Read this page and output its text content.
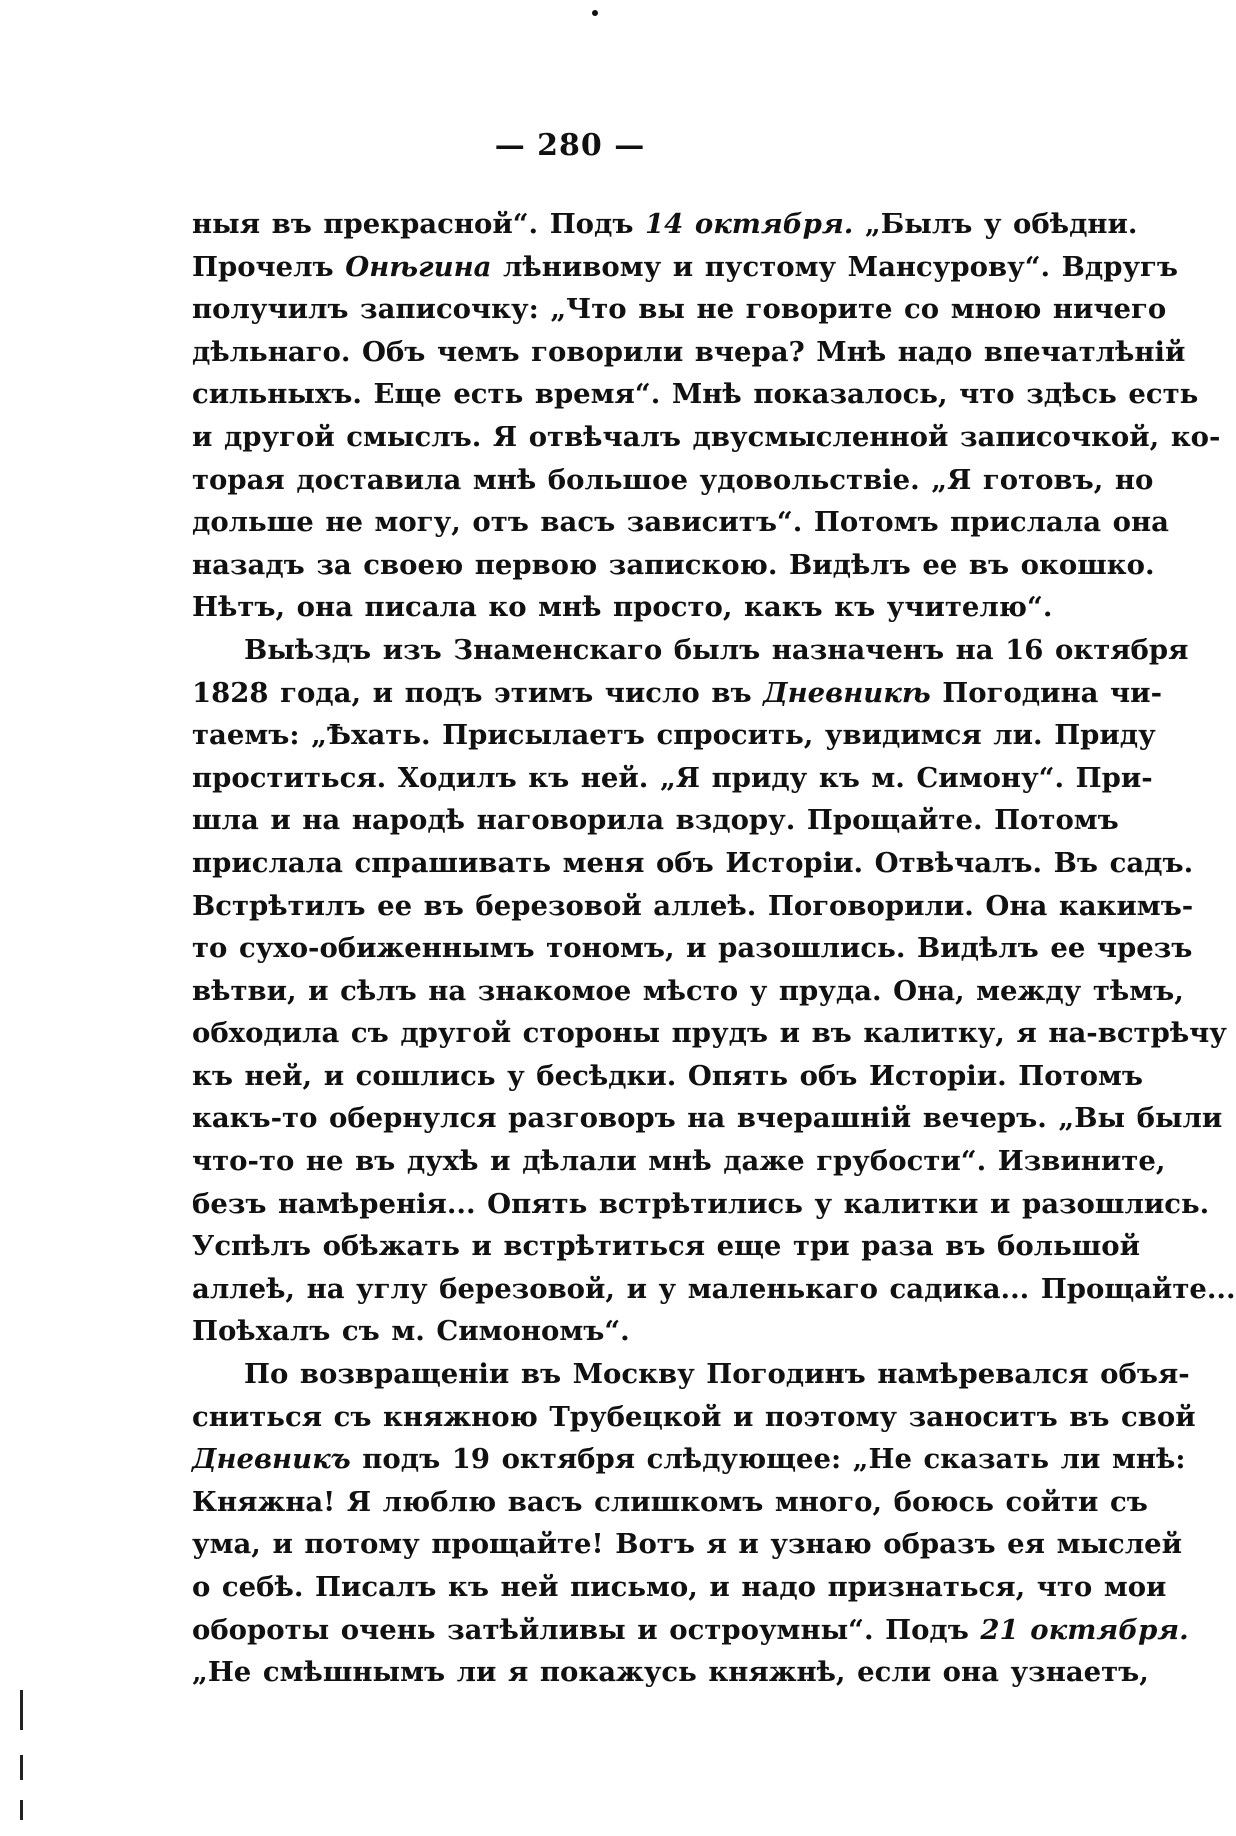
— 280 —
ныя въ прекрасной“. Подъ 14 октября. „Былъ у обѣдни.
Прочелъ Онѣгина лѣнивому и пустому Мансурову“. Вдругъ
получилъ записочку: „Что вы не говорите со мною ничего
дѣльнаго. Объ чемъ говорили вчера? Мнѣ надо впечатлѣній
сильныхъ. Еще есть время“. Мнѣ показалось, что здѣсь есть
и другой смыслъ. Я отвѣчалъ двусмысленной записочкой, ко-
торая доставила мнѣ большое удовольствіе. „Я готовъ, но
дольше не могу, отъ васъ зависитъ“. Потомъ прислала она
назадъ за своею первою запискою. Видѣлъ ее въ окошко.
Нѣтъ, она писала ко мнѣ просто, какъ къ учителю“.
Выѣздъ изъ Знаменскаго былъ назначенъ на 16 октября
1828 года, и подъ этимъ число въ Дневникѣ Погодина чи-
таемъ: „Ѣхать. Присылаетъ спросить, увидимся ли. Приду
проститься. Ходилъ къ ней. „Я приду къ м. Симону“. При-
шла и на народѣ наговорила вздору. Прощайте. Потомъ
прислала спрашивать меня объ Исторіи. Отвѣчалъ. Въ садъ.
Встрѣтилъ ее въ березовой аллеѣ. Поговорили. Она какимъ-
то сухо-обиженнымъ тономъ, и разошлись. Видѣлъ ее чрезъ
вѣтви, и сѣлъ на знакомое мѣсто у пруда. Она, между тѣмъ,
обходила съ другой стороны прудъ и въ калитку, я на-встрѣчу
къ ней, и сошлись у бесѣдки. Опять объ Исторіи. Потомъ
какъ-то обернулся разговоръ на вчерашній вечеръ. „Вы были
что-то не въ духѣ и дѣлали мнѣ даже грубости“. Извините,
безъ намѣренія... Опять встрѣтились у калитки и разошлись.
Успѣлъ обѣжать и встрѣтиться еще три раза въ большой
аллеѣ, на углу березовой, и у маленькаго садика... Прощайте...
Поѣхалъ съ м. Симономъ“.
По возвращеніи въ Москву Погодинъ намѣревался объя-
сниться съ княжною Трубецкой и поэтому заноситъ въ свой
Дневникъ подъ 19 октября слѣдующее: „Не сказать ли мнѣ:
Княжна! Я люблю васъ слишкомъ много, боюсь сойти съ
ума, и потому прощайте! Вотъ я и узнаю образъ ея мыслей
о себѣ. Писалъ къ ней письмо, и надо признаться, что мои
обороты очень затѣйливы и остроумны“. Подъ 21 октября.
„Не смѣшнымъ ли я покажусь княжнѣ, если она узнаетъ,
